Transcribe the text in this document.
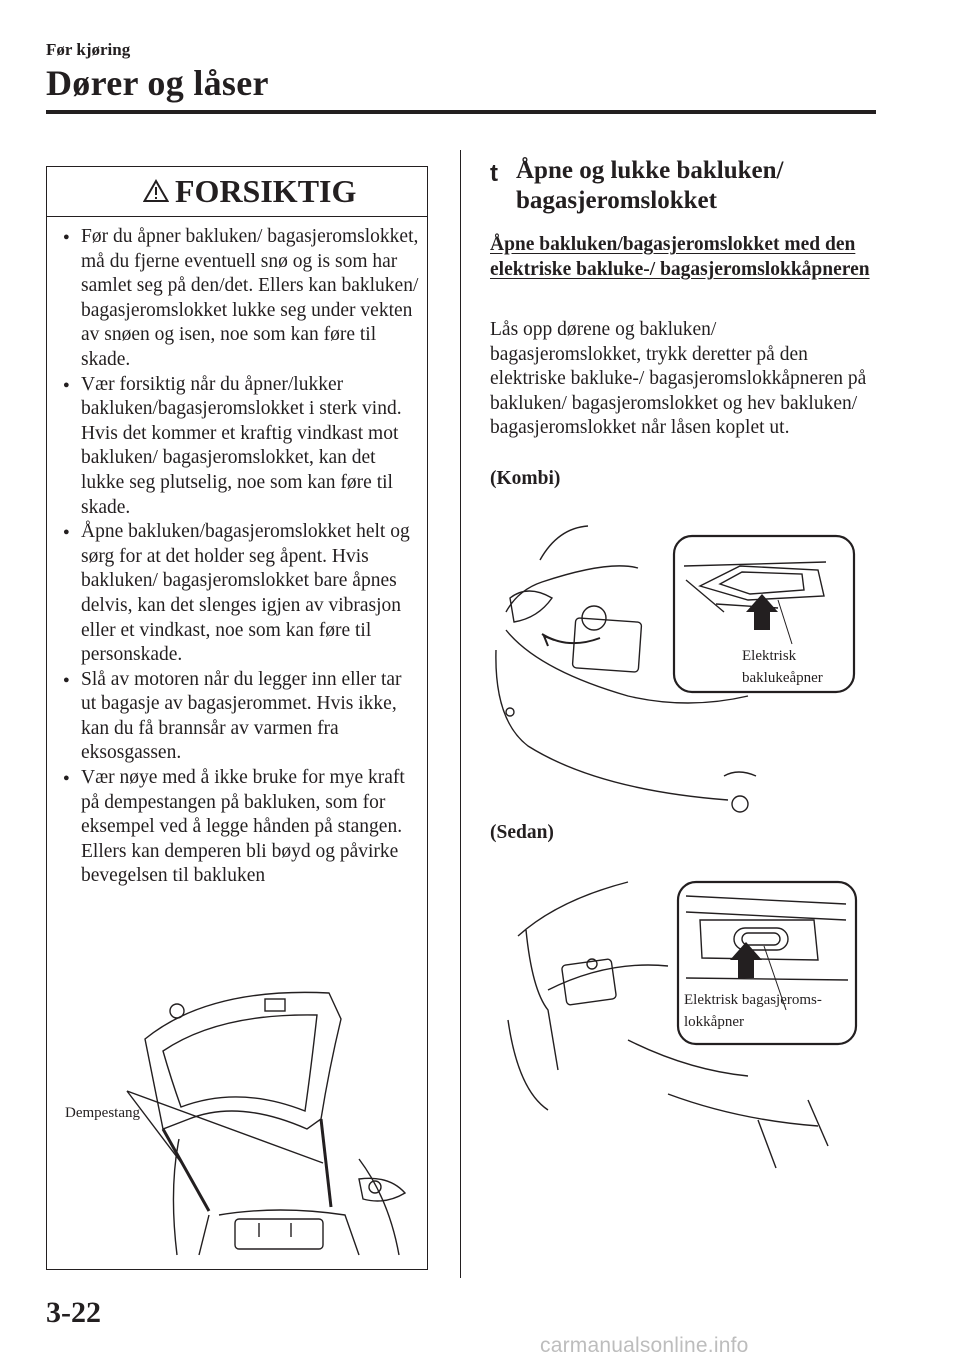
Før kjøring
Dører og låser
FORSIKTIG
● Før du åpner bakluken/ bagasjeromslokket, må du fjerne eventuell snø og is som har samlet seg på den/det. Ellers kan bakluken/ bagasjeromslokket lukke seg under vekten av snøen og isen, noe som kan føre til skade.
● Vær forsiktig når du åpner/lukker bakluken/bagasjeromslokket i sterk vind. Hvis det kommer et kraftig vindkast mot bakluken/ bagasjeromslokket, kan det lukke seg plutselig, noe som kan føre til skade.
● Åpne bakluken/bagasjeromslokket helt og sørg for at det holder seg åpent. Hvis bakluken/ bagasjeromslokket bare åpnes delvis, kan det slenges igjen av vibrasjon eller et vindkast, noe som kan føre til personskade.
● Slå av motoren når du legger inn eller tar ut bagasje av bagasjerommet. Hvis ikke, kan du få brannsår av varmen fra eksosgassen.
● Vær nøye med å ikke bruke for mye kraft på dempestangen på bakluken, som for eksempel ved å legge hånden på stangen. Ellers kan demperen bli bøyd og påvirke bevegelsen til bakluken
Dempestang
t Åpne og lukke bakluken/ bagasjeromslokket
Åpne bakluken/bagasjeromslokket med den elektriske bakluke-/ bagasjeromslokkåpneren
Lås opp dørene og bakluken/ bagasjeromslokket, trykk deretter på den elektriske bakluke-/ bagasjeromslokkåpneren på bakluken/ bagasjeromslokket og hev bakluken/ bagasjeromslokket når låsen koplet ut.
(Kombi)
Elektrisk
baklukeåpner
(Sedan)
Elektrisk bagasjeroms-
lokkåpner
3-22
carmanualsonline.info
